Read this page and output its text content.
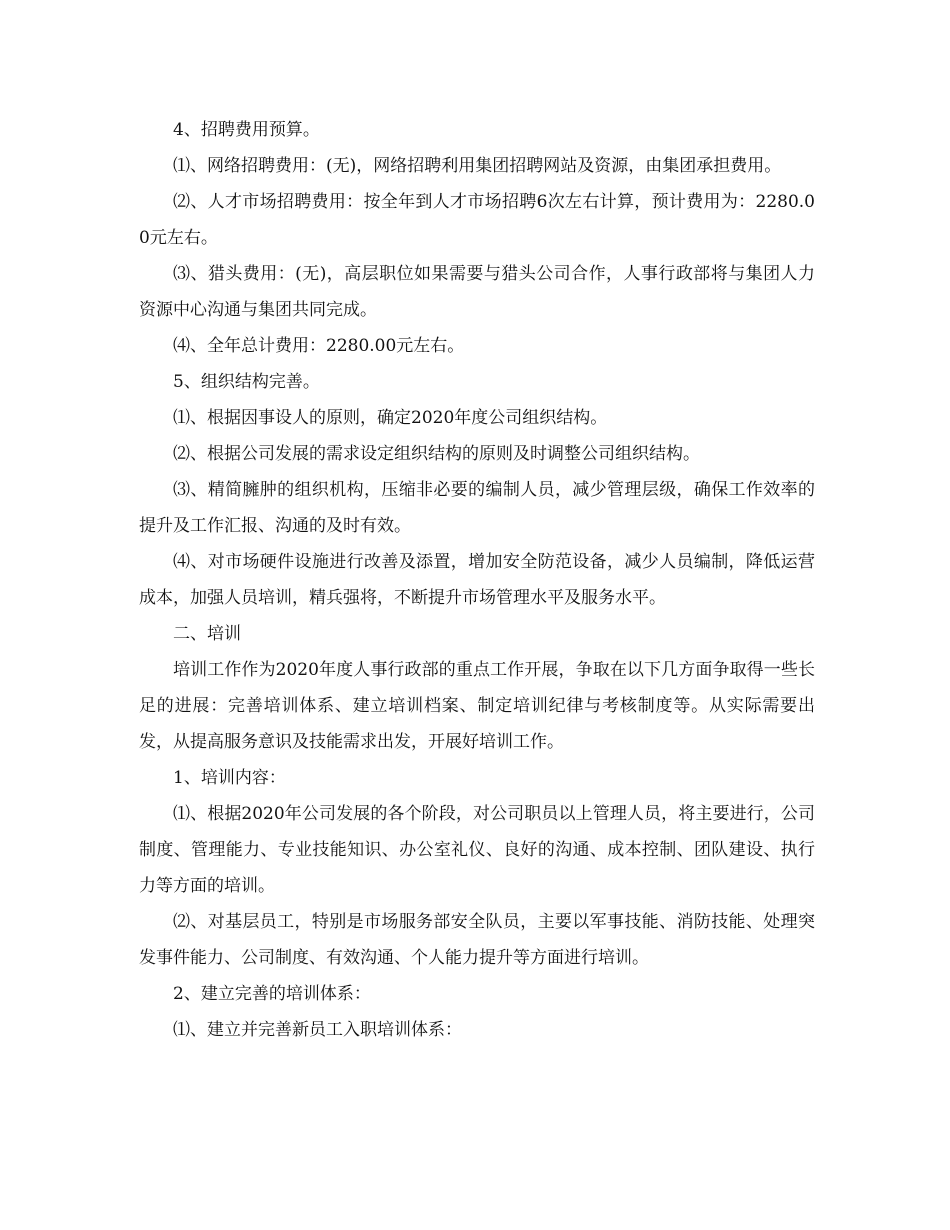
4、招聘费用预算。

⑴、网络招聘费用：(无)，网络招聘利用集团招聘网站及资源，由集团承担费用。

⑵、人才市场招聘费用：按全年到人才市场招聘6次左右计算，预计费用为：2280.00元左右。

⑶、猎头费用：(无)，高层职位如果需要与猎头公司合作，人事行政部将与集团人力资源中心沟通与集团共同完成。

⑷、全年总计费用：2280.00元左右。

5、组织结构完善。

⑴、根据因事设人的原则，确定2020年度公司组织结构。

⑵、根据公司发展的需求设定组织结构的原则及时调整公司组织结构。

⑶、精简臃肿的组织机构，压缩非必要的编制人员，减少管理层级，确保工作效率的提升及工作汇报、沟通的及时有效。

⑷、对市场硬件设施进行改善及添置，增加安全防范设备，减少人员编制，降低运营成本，加强人员培训，精兵强将，不断提升市场管理水平及服务水平。

二、培训

培训工作作为2020年度人事行政部的重点工作开展，争取在以下几方面争取得一些长足的进展：完善培训体系、建立培训档案、制定培训纪律与考核制度等。从实际需要出发，从提高服务意识及技能需求出发，开展好培训工作。

1、培训内容：

⑴、根据2020年公司发展的各个阶段，对公司职员以上管理人员，将主要进行，公司制度、管理能力、专业技能知识、办公室礼仪、良好的沟通、成本控制、团队建设、执行力等方面的培训。

⑵、对基层员工，特别是市场服务部安全队员，主要以军事技能、消防技能、处理突发事件能力、公司制度、有效沟通、个人能力提升等方面进行培训。

2、建立完善的培训体系：

⑴、建立并完善新员工入职培训体系：
